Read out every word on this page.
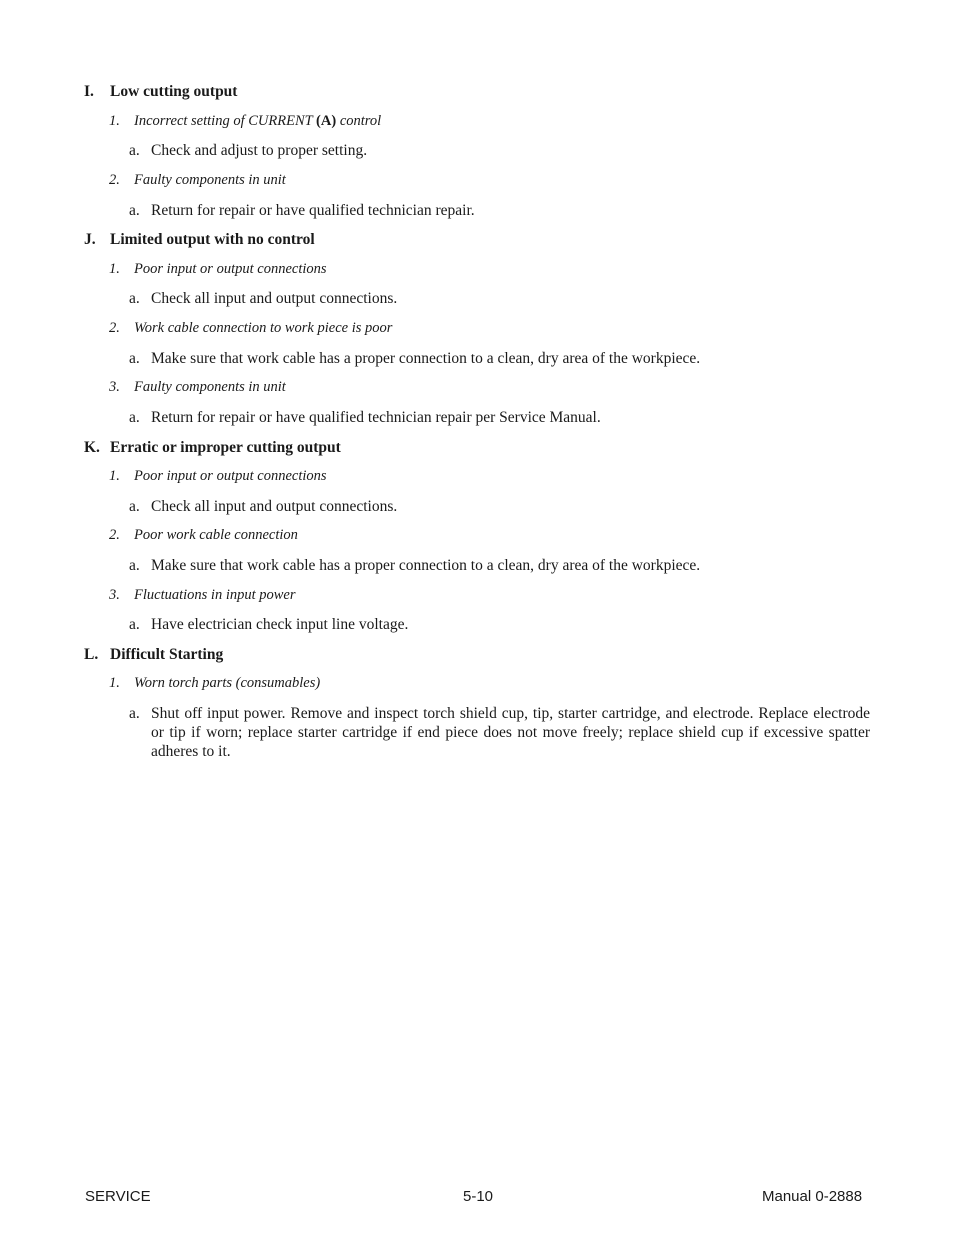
I. Low cutting output
1. Incorrect setting of CURRENT (A) control
a. Check and adjust to proper setting.
2. Faulty components in unit
a. Return for repair or have qualified technician repair.
J. Limited output with no control
1. Poor input or output connections
a. Check all input and output connections.
2. Work cable connection to work piece is poor
a. Make sure that work cable has a proper connection to a clean, dry area of the workpiece.
3. Faulty components in unit
a. Return for repair or have qualified technician repair per Service Manual.
K. Erratic or improper cutting output
1. Poor input or output connections
a. Check all input and output connections.
2. Poor work cable connection
a. Make sure that work cable has a proper connection to a clean, dry area of the workpiece.
3. Fluctuations in input power
a. Have electrician check input line voltage.
L. Difficult Starting
1. Worn torch parts (consumables)
a. Shut off input power. Remove and inspect torch shield cup, tip, starter cartridge, and electrode. Replace electrode or tip if worn; replace starter cartridge if end piece does not move freely; replace shield cup if excessive spatter adheres to it.
SERVICE	5-10	Manual 0-2888
